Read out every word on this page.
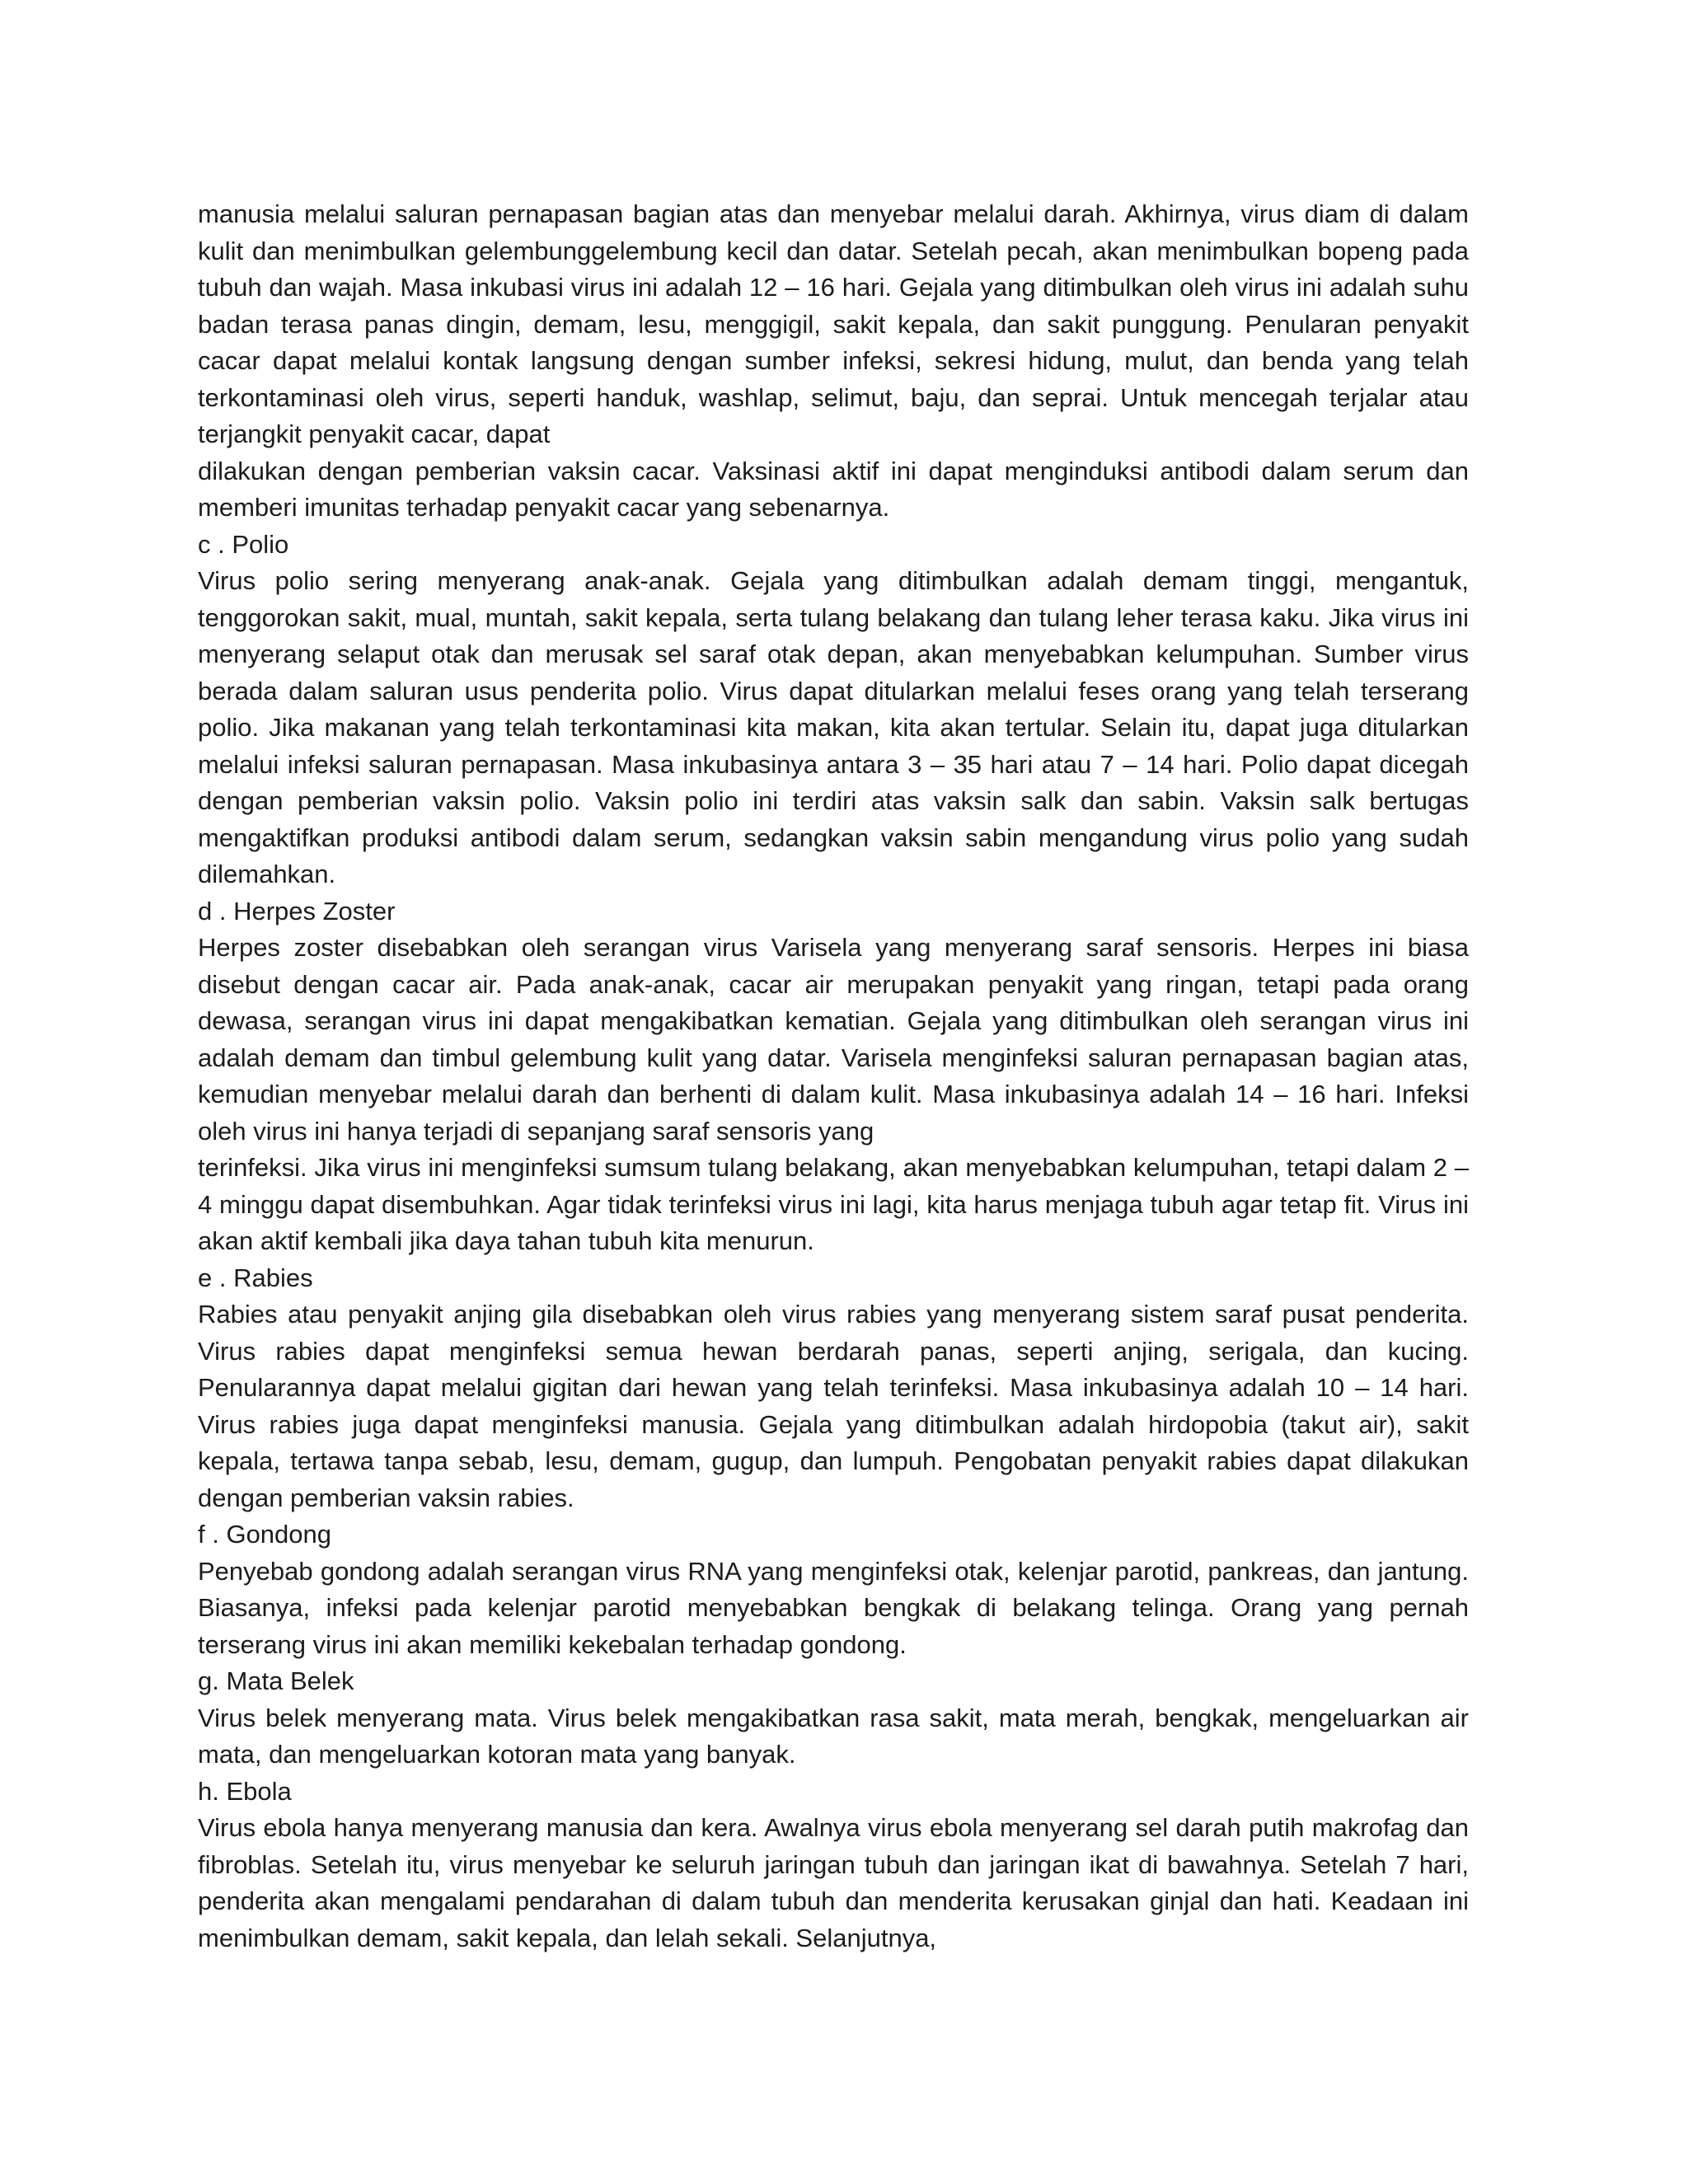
manusia melalui saluran pernapasan bagian atas dan menyebar melalui darah. Akhirnya, virus diam di dalam kulit dan menimbulkan gelembunggelembung kecil dan datar. Setelah pecah, akan menimbulkan bopeng pada tubuh dan wajah. Masa inkubasi virus ini adalah 12 – 16 hari. Gejala yang ditimbulkan oleh virus ini adalah suhu badan terasa panas dingin, demam, lesu, menggigil, sakit kepala, dan sakit punggung. Penularan penyakit cacar dapat melalui kontak langsung dengan sumber infeksi, sekresi hidung, mulut, dan benda yang telah terkontaminasi oleh virus, seperti handuk, washlap, selimut, baju, dan seprai. Untuk mencegah terjalar atau terjangkit penyakit cacar, dapat

dilakukan dengan pemberian vaksin cacar. Vaksinasi aktif ini dapat menginduksi antibodi dalam serum dan memberi imunitas terhadap penyakit cacar yang sebenarnya.

c . Polio

Virus polio sering menyerang anak-anak. Gejala yang ditimbulkan adalah demam tinggi, mengantuk, tenggorokan sakit, mual, muntah, sakit kepala, serta tulang belakang dan tulang leher terasa kaku. Jika virus ini menyerang selaput otak dan merusak sel saraf otak depan, akan menyebabkan kelumpuhan. Sumber virus berada dalam saluran usus penderita polio. Virus dapat ditularkan melalui feses orang yang telah terserang polio. Jika makanan yang telah terkontaminasi kita makan, kita akan tertular. Selain itu, dapat juga ditularkan melalui infeksi saluran pernapasan. Masa inkubasinya antara 3 – 35 hari atau 7 – 14 hari. Polio dapat dicegah dengan pemberian vaksin polio. Vaksin polio ini terdiri atas vaksin salk dan sabin. Vaksin salk bertugas mengaktifkan produksi antibodi dalam serum, sedangkan vaksin sabin mengandung virus polio yang sudah dilemahkan.

d . Herpes Zoster

Herpes zoster disebabkan oleh serangan virus Varisela yang menyerang saraf sensoris. Herpes ini biasa disebut dengan cacar air. Pada anak-anak, cacar air merupakan penyakit yang ringan, tetapi pada orang dewasa, serangan virus ini dapat mengakibatkan kematian. Gejala yang ditimbulkan oleh serangan virus ini adalah demam dan timbul gelembung kulit yang datar. Varisela menginfeksi saluran pernapasan bagian atas, kemudian menyebar melalui darah dan berhenti di dalam kulit. Masa inkubasinya adalah 14 – 16 hari. Infeksi oleh virus ini hanya terjadi di sepanjang saraf sensoris yang

terinfeksi. Jika virus ini menginfeksi sumsum tulang belakang, akan menyebabkan kelumpuhan, tetapi dalam 2 – 4 minggu dapat disembuhkan. Agar tidak terinfeksi virus ini lagi, kita harus menjaga tubuh agar tetap fit. Virus ini akan aktif kembali jika daya tahan tubuh kita menurun.

e . Rabies

Rabies atau penyakit anjing gila disebabkan oleh virus rabies yang menyerang sistem saraf pusat penderita. Virus rabies dapat menginfeksi semua hewan berdarah panas, seperti anjing, serigala, dan kucing. Penularannya dapat melalui gigitan dari hewan yang telah terinfeksi. Masa inkubasinya adalah 10 – 14 hari. Virus rabies juga dapat menginfeksi manusia. Gejala yang ditimbulkan adalah hirdopobia (takut air), sakit kepala, tertawa tanpa sebab, lesu, demam, gugup, dan lumpuh. Pengobatan penyakit rabies dapat dilakukan dengan pemberian vaksin rabies.

f . Gondong

Penyebab gondong adalah serangan virus RNA yang menginfeksi otak, kelenjar parotid, pankreas, dan jantung. Biasanya, infeksi pada kelenjar parotid menyebabkan bengkak di belakang telinga. Orang yang pernah terserang virus ini akan memiliki kekebalan terhadap gondong.

g. Mata Belek

Virus belek menyerang mata. Virus belek mengakibatkan rasa sakit, mata merah, bengkak, mengeluarkan air mata, dan mengeluarkan kotoran mata yang banyak.

h. Ebola

Virus ebola hanya menyerang manusia dan kera. Awalnya virus ebola menyerang sel darah putih makrofag dan fibroblas. Setelah itu, virus menyebar ke seluruh jaringan tubuh dan jaringan ikat di bawahnya. Setelah 7 hari, penderita akan mengalami pendarahan di dalam tubuh dan menderita kerusakan ginjal dan hati. Keadaan ini menimbulkan demam, sakit kepala, dan lelah sekali. Selanjutnya,
